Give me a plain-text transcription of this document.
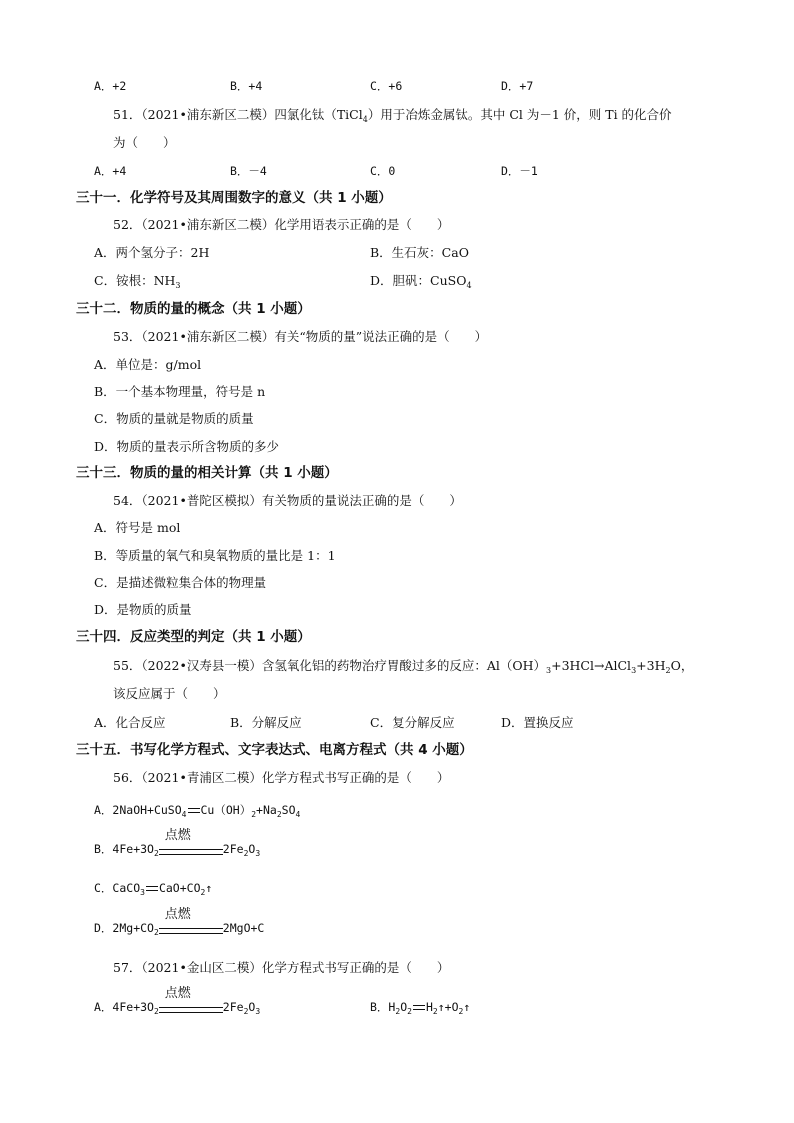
A．+2	B．+4	C．+6	D．+7
51．（2021•浦东新区二模）四氯化钛（TiCl$_4$）用于冶炼金属钛。其中 Cl 为－1 价，则 Ti 的化合价
为（　　）
A．+4	B．－4	C．0	D．－1
三十一．化学符号及其周围数字的意义（共 1 小题）
52．（2021•浦东新区二模）化学用语表示正确的是（　　）
A．两个氢分子：2H	B．生石灰：CaO
C．铵根：$NH_3$	D．胆矾：CuSO$_4$
三十二．物质的量的概念（共 1 小题）
53．（2021•浦东新区二模）有关“物质的量”说法正确的是（　　）
A．单位是：g/mol
B．一个基本物理量，符号是 n
C．物质的量就是物质的质量
D．物质的量表示所含物质的多少
三十三．物质的量的相关计算（共 1 小题）
54．（2021•普陀区模拟）有关物质的量说法正确的是（　　）
A．符号是 mol
B．等质量的氧气和臭氧物质的量比是 1：1
C．是描述微粒集合体的物理量
D．是物质的质量
三十四．反应类型的判定（共 1 小题）
55．（2022•汉寿县一模）含氢氧化铝的药物治疗胃酸过多的反应：$Al(OH)_3+3HCl\to AlCl_3+3H_2O$，
该反应属于（　　）
A．化合反应	B．分解反应	C．复分解反应	D．置换反应
三十五．书写化学方程式、文字表达式、电离方程式（共 4 小题）
56．（2021•青浦区二模）化学方程式书写正确的是（　　）
A．2NaOH+CuSO$_4$ $Cu(OH)_2+Na_2SO_4$
B．$4Fe+3O_2$
点燃
$2Fe_2O_3$
C．CaCO$_3$ $CaO+CO_2↑$
D．$2Mg+CO_2$
点燃
2MgO+C
57．（2021•金山区二模）化学方程式书写正确的是（　　）
A．$4Fe+3O_2$
点燃
$2Fe_2O_3$	B．$H_2O_2$ $H_2↑+O_2↑$
